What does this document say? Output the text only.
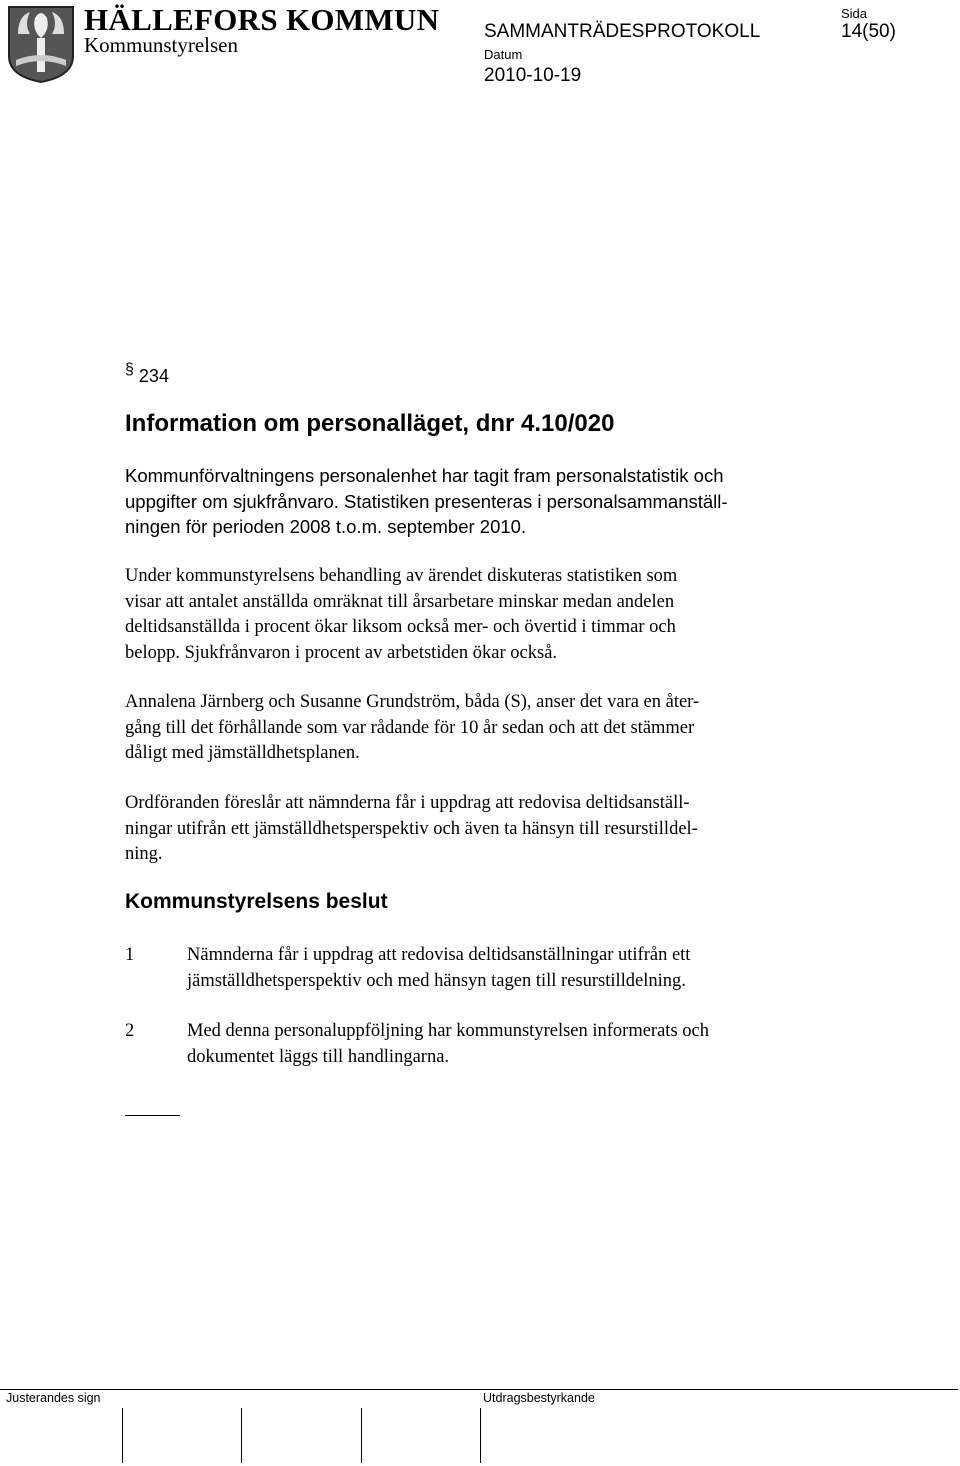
HÄLLEFORS KOMMUN
Kommunstyrelsen
SAMMANTRÄDESPROTOKOLL
Sida
14(50)
Datum
2010-10-19
§ 234
Information om personalläget, dnr 4.10/020
Kommunförvaltningens personalenhet har tagit fram personalstatistik och
uppgifter om sjukfrånvaro. Statistiken presenteras i personalsammanställ-
ningen för perioden 2008 t.o.m. september 2010.
Under kommunstyrelsens behandling av ärendet diskuteras statistiken som
visar att antalet anställda omräknat till årsarbetare minskar medan andelen
deltidsanställda i procent ökar liksom också mer- och övertid i timmar och
belopp. Sjukfrånvaron i procent av arbetstiden ökar också.
Annalena Järnberg och Susanne Grundström, båda (S), anser det vara en åter-
gång till det förhållande som var rådande för 10 år sedan och att det stämmer
dåligt med jämställdhetsplanen.
Ordföranden föreslår att nämnderna får i uppdrag att redovisa deltidsanställ-
ningar utifrån ett jämställdhetsperspektiv och även ta hänsyn till resurstilldel-
ning.
Kommunstyrelsens beslut
1	Nämnderna får i uppdrag att redovisa deltidsanställningar utifrån ett
jämställdhetsperspektiv och med hänsyn tagen till resurstilldelning.
2	Med denna personaluppföljning har kommunstyrelsen informerats och
dokumentet läggs till handlingarna.
Justerandes sign	Utdragsbestyrkande
